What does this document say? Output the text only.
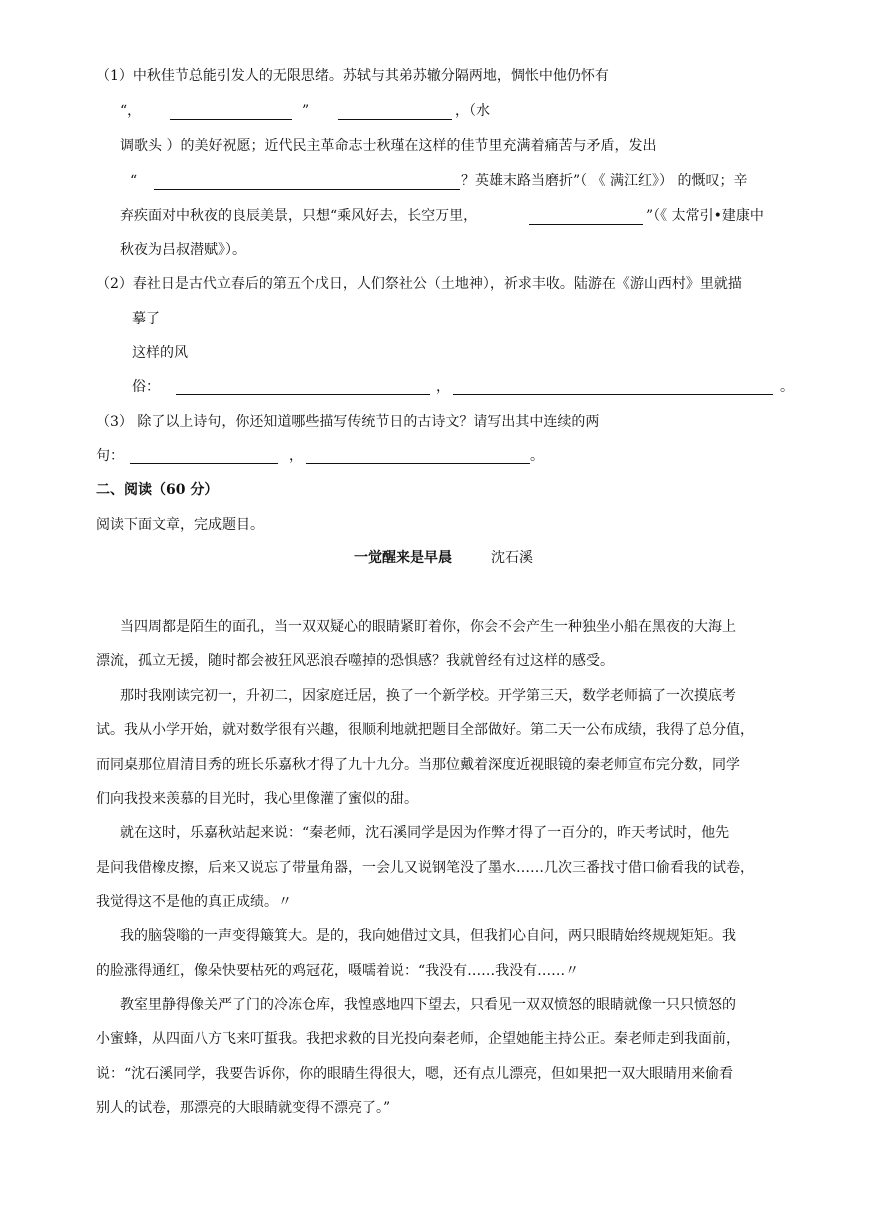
（1）中秋佳节总能引发人的无限思绪。苏轼与其弟苏辙分隔两地，惆怅中他仍怀有
“，	”	，（水
调歌头 ）的美好祝愿；近代民主革命志士秋瑾在这样的佳节里充满着痛苦与矛盾，发出
“	？英雄末路当磨折”（ 《 满江红》） 的慨叹；辛
弃疾面对中秋夜的良辰美景，只想“乘风好去，长空万里，	”（《 太常引•建康中
秋夜为吕叔潜赋》）。
（2）春社日是古代立春后的第五个戊日，人们祭社公（土地神），祈求丰收。陆游在《游山西村》里就描
摹了
这样的风
俗：	，	。
（3） 除了以上诗句，你还知道哪些描写传统节日的古诗文？请写出其中连续的两
句：	，	。
二、阅读（60 分）
阅读下面文章，完成题目。
一觉醒来是早晨	沈石溪
当四周都是陌生的面孔，当一双双疑心的眼睛紧盯着你，你会不会产生一种独坐小船在黑夜的大海上
漂流，孤立无援，随时都会被狂风恶浪吞噬掉的恐惧感？我就曾经有过这样的感受。
那时我刚读完初一，升初二，因家庭迁居，换了一个新学校。开学第三天，数学老师搞了一次摸底考
试。我从小学开始，就对数学很有兴趣，很顺利地就把题目全部做好。第二天一公布成绩，我得了总分值，
而同桌那位眉清目秀的班长乐嘉秋才得了九十九分。当那位戴着深度近视眼镜的秦老师宣布完分数，同学
们向我投来羡慕的目光时，我心里像灌了蜜似的甜。
就在这时，乐嘉秋站起来说：“秦老师，沈石溪同学是因为作弊才得了一百分的，昨天考试时，他先
是问我借橡皮擦，后来又说忘了带量角器，一会儿又说钢笔没了墨水……几次三番找寸借口偷看我的试卷，
我觉得这不是他的真正成绩。〃
我的脑袋嗡的一声变得簸箕大。是的，我向她借过文具，但我扪心自问，两只眼睛始终规规矩矩。我
的脸涨得通红，像朵快要枯死的鸡冠花，嗫嚅着说：“我没有……我没有……〃
教室里静得像关严了门的冷冻仓库，我惶惑地四下望去，只看见一双双愤怒的眼睛就像一只只愤怒的
小蜜蜂，从四面八方飞来叮蜇我。我把求救的目光投向秦老师，企望她能主持公正。秦老师走到我面前，
说：“沈石溪同学，我要告诉你，你的眼睛生得很大，嗯，还有点儿漂亮，但如果把一双大眼睛用来偷看
别人的试卷，那漂亮的大眼睛就变得不漂亮了。”
